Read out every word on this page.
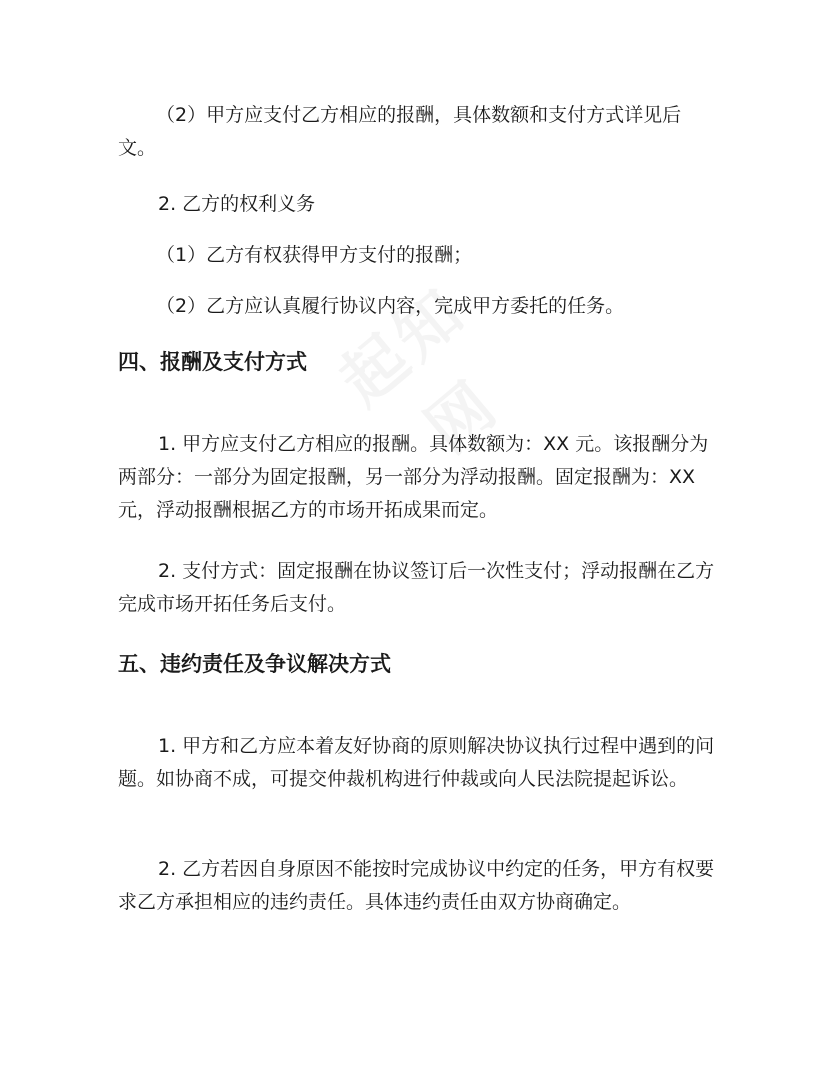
（2）甲方应支付乙方相应的报酬，具体数额和支付方式详见后文。

2. 乙方的权利义务

（1）乙方有权获得甲方支付的报酬；

（2）乙方应认真履行协议内容，完成甲方委托的任务。

四、报酬及支付方式

1. 甲方应支付乙方相应的报酬。具体数额为：XX 元。该报酬分为两部分：一部分为固定报酬，另一部分为浮动报酬。固定报酬为：XX 元，浮动报酬根据乙方的市场开拓成果而定。

2. 支付方式：固定报酬在协议签订后一次性支付；浮动报酬在乙方完成市场开拓任务后支付。

五、违约责任及争议解决方式

1. 甲方和乙方应本着友好协商的原则解决协议执行过程中遇到的问题。如协商不成，可提交仲裁机构进行仲裁或向人民法院提起诉讼。

2. 乙方若因自身原因不能按时完成协议中约定的任务，甲方有权要求乙方承担相应的违约责任。具体违约责任由双方协商确定。
